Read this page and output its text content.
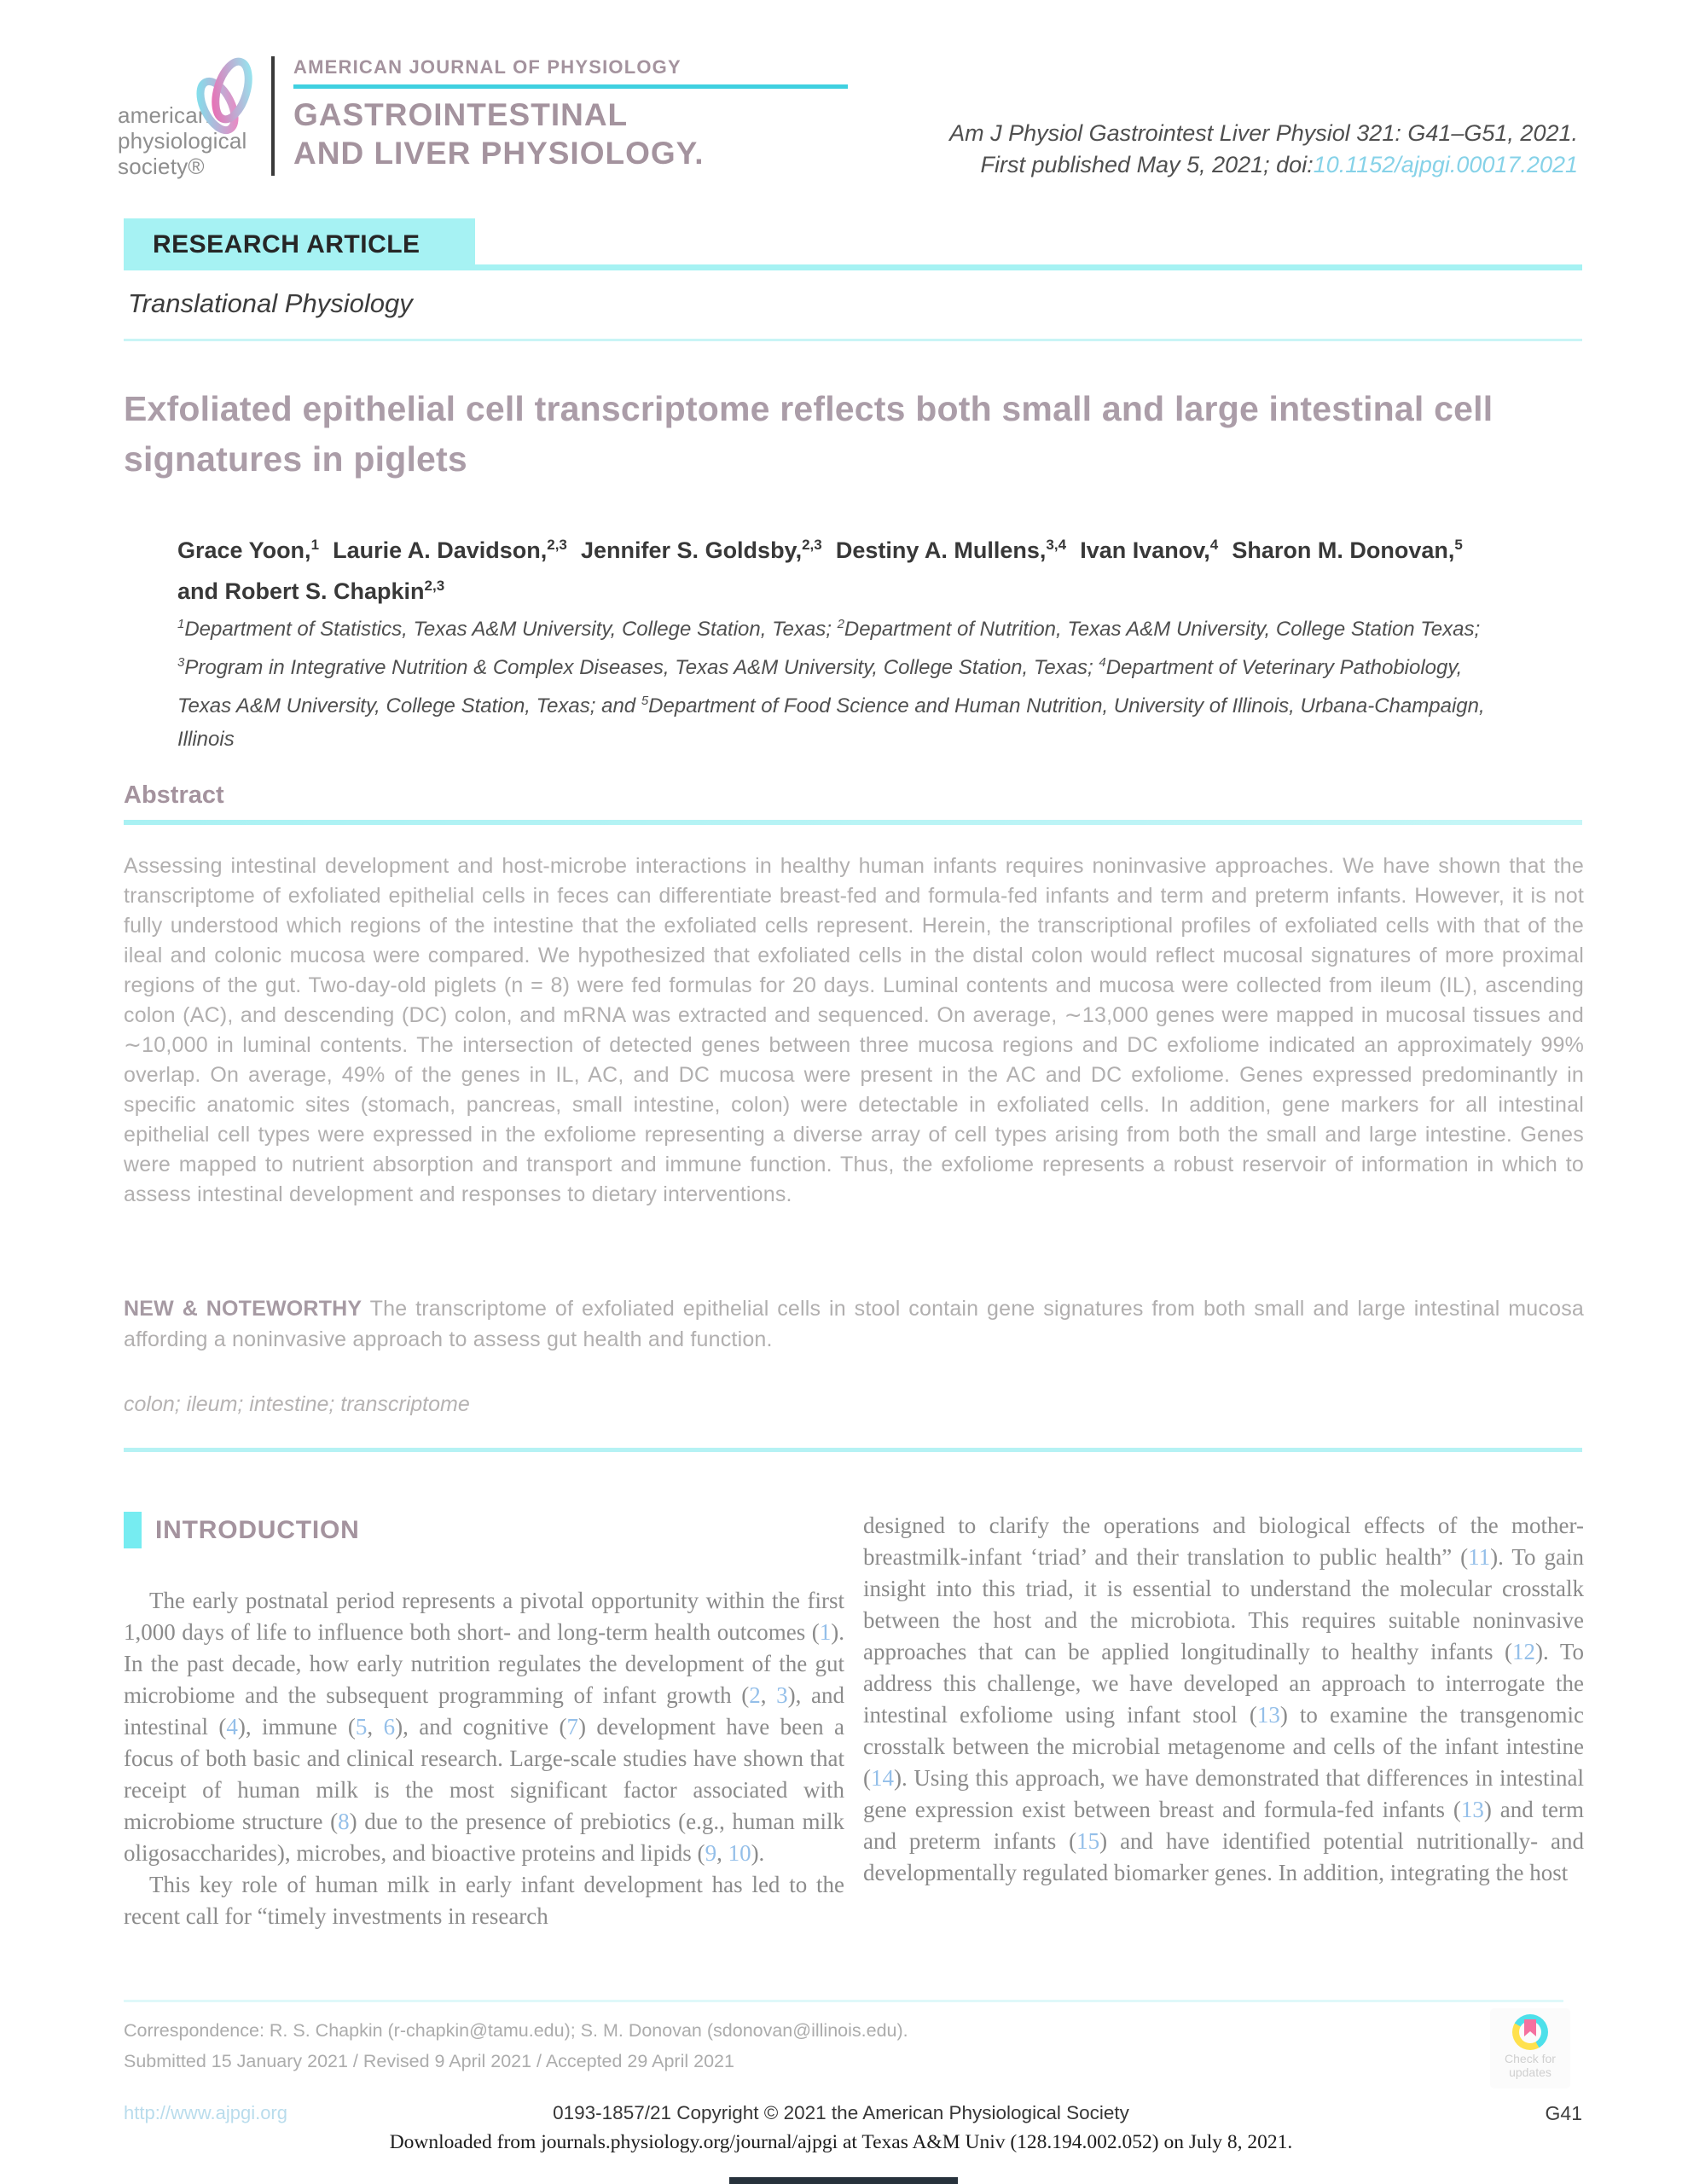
american
physiological
society®
AMERICAN JOURNAL OF PHYSIOLOGY
GASTROINTESTINAL
AND LIVER PHYSIOLOGY.
Am J Physiol Gastrointest Liver Physiol 321: G41–G51, 2021.
First published May 5, 2021; doi:10.1152/ajpgi.00017.2021
RESEARCH ARTICLE
Translational Physiology
Exfoliated epithelial cell transcriptome reflects both small and large intestinal cell signatures in piglets

Grace Yoon,$^1$ Laurie A. Davidson,$^{2,3}$ Jennifer S. Goldsby,$^{2,3}$ Destiny A. Mullens,$^{3,4}$ Ivan Ivanov,$^4$ Sharon M. Donovan,$^5$ and Robert S. Chapkin$^{2,3}$

$^1$Department of Statistics, Texas A&M University, College Station, Texas; $^2$Department of Nutrition, Texas A&M University, College Station Texas; $^3$Program in Integrative Nutrition & Complex Diseases, Texas A&M University, College Station, Texas; $^4$Department of Veterinary Pathobiology, Texas A&M University, College Station, Texas; and $^5$Department of Food Science and Human Nutrition, University of Illinois, Urbana-Champaign, Illinois

Abstract

Assessing intestinal development and host-microbe interactions in healthy human infants requires noninvasive approaches. We have shown that the transcriptome of exfoliated epithelial cells in feces can differentiate breast-fed and formula-fed infants and term and preterm infants. However, it is not fully understood which regions of the intestine that the exfoliated cells represent. Herein, the transcriptional profiles of exfoliated cells with that of the ileal and colonic mucosa were compared. We hypothesized that exfoliated cells in the distal colon would reflect mucosal signatures of more proximal regions of the gut. Two-day-old piglets (n = 8) were fed formulas for 20 days. Luminal contents and mucosa were collected from ileum (IL), ascending colon (AC), and descending (DC) colon, and mRNA was extracted and sequenced. On average, ∼13,000 genes were mapped in mucosal tissues and ∼10,000 in luminal contents. The intersection of detected genes between three mucosa regions and DC exfoliome indicated an approximately 99% overlap. On average, 49% of the genes in IL, AC, and DC mucosa were present in the AC and DC exfoliome. Genes expressed predominantly in specific anatomic sites (stomach, pancreas, small intestine, colon) were detectable in exfoliated cells. In addition, gene markers for all intestinal epithelial cell types were expressed in the exfoliome representing a diverse array of cell types arising from both the small and large intestine. Genes were mapped to nutrient absorption and transport and immune function. Thus, the exfoliome represents a robust reservoir of information in which to assess intestinal development and responses to dietary interventions.

NEW & NOTEWORTHY The transcriptome of exfoliated epithelial cells in stool contain gene signatures from both small and large intestinal mucosa affording a noninvasive approach to assess gut health and function.

colon; ileum; intestine; transcriptome

INTRODUCTION

The early postnatal period represents a pivotal opportunity within the first 1,000 days of life to influence both short- and long-term health outcomes (1). In the past decade, how early nutrition regulates the development of the gut microbiome and the subsequent programming of infant growth (2, 3), and intestinal (4), immune (5, 6), and cognitive (7) development have been a focus of both basic and clinical research. Large-scale studies have shown that receipt of human milk is the most significant factor associated with microbiome structure (8) due to the presence of prebiotics (e.g., human milk oligosaccharides), microbes, and bioactive proteins and lipids (9, 10).

This key role of human milk in early infant development has led to the recent call for “timely investments in research

designed to clarify the operations and biological effects of the mother-breastmilk-infant ‘triad’ and their translation to public health” (11). To gain insight into this triad, it is essential to understand the molecular crosstalk between the host and the microbiota. This requires suitable noninvasive approaches that can be applied longitudinally to healthy infants (12). To address this challenge, we have developed an approach to interrogate the intestinal exfoliome using infant stool (13) to examine the transgenomic crosstalk between the microbial metagenome and cells of the infant intestine (14). Using this approach, we have demonstrated that differences in intestinal gene expression exist between breast and formula-fed infants (13) and term and preterm infants (15) and have identified potential nutritionally- and developmentally regulated biomarker genes. In addition, integrating the host

Correspondence: R. S. Chapkin (r-chapkin@tamu.edu); S. M. Donovan (sdonovan@illinois.edu).
Submitted 15 January 2021 / Revised 9 April 2021 / Accepted 29 April 2021	Check for
updates
http://www.ajpgi.org	0193-1857/21 Copyright © 2021 the American Physiological Society	G41
Downloaded from journals.physiology.org/journal/ajpgi at Texas A&M Univ (128.194.002.052) on July 8, 2021.
